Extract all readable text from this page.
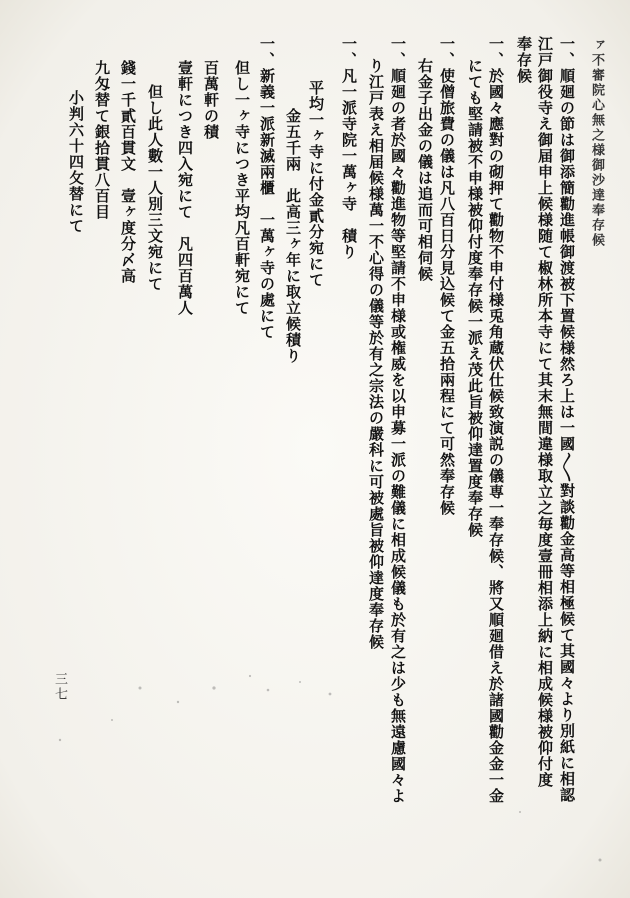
ァ不審院心無之様御沙達奉存候
一、順廻の節は御添簡勸進帳御渡被下置候様然ろ上は一國〳〵對談勸金高等相極候て其國々より別紙に相認
江戸御役寺え御届申上候様随て椒林所本寺にて其末無間違様取立之毎度壹冊相添上納に相成候様被仰付度
奉存候
一、於國々應對の砌押て勸物不申付様兎角蔵伏仕候致演説の儀専一奉存候、將又順廻借え於諸國勸金金一金
にても堅請被不申様被仰付度奉存候一派え茂此旨被仰達置度奉存候
一、使僧旅費の儀は凡八百日分見込候て金五拾兩程にて可然奉存候
右金子出金の儀は追而可相伺候
一、順廻の者於國々勸進物等堅請不申様或権威を以申募一派の難儀に相成候儀も於有之は少も無遠慮國々よ
り江戸表え相届候様萬一不心得の儀等於有之宗法の嚴科に可被處旨被仰達度奉存候
一、凡一派寺院一萬ヶ寺　積り
平均一ヶ寺に付金貳分宛にて
金五千兩　此高三ヶ年に取立候積り
一、新義一派新滅兩櫃　一萬ヶ寺の處にて
但し一ヶ寺につき平均凡百軒宛にて
百萬軒の積
壹軒につき四入宛にて　凡四百萬人
但し此人數一人別三文宛にて
錢一千貳百貫文　壹ヶ度分〆高
九匁替て銀拾貫八百目
小判六十四攵替にて
三七
